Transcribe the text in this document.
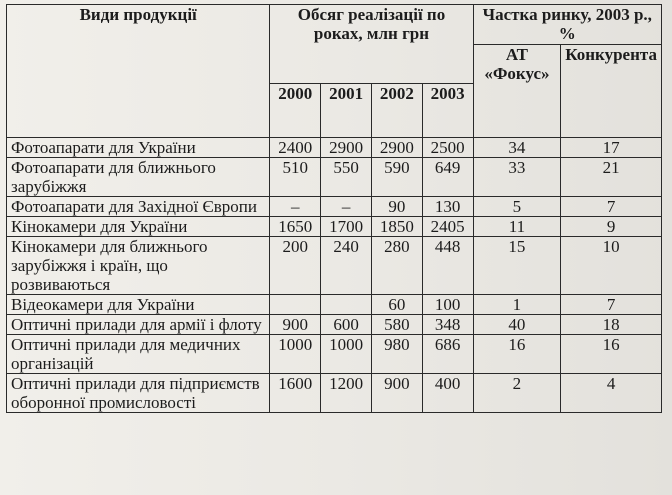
Види продукції	Обсяг реалізації по роках, млн грн				Частка ринку, 2003 р., %	
					АТ «Фокус»	Конкурента
	2000	2001	2002	2003		
Фотоапарати для України	2400	2900	2900	2500	34	17
Фотоапарати для ближнього зарубіжжя	510	550	590	649	33	21
Фотоапарати для Західної Європи	–	–	90	130	5	7
Кінокамери для України	1650	1700	1850	2405	11	9
Кінокамери для ближнього зарубіжжя і країн, що розвиваються	200	240	280	448	15	10
Відеокамери для України			60	100	1	7
Оптичні прилади для армії і флоту	900	600	580	348	40	18
Оптичні прилади для медичних організацій	1000	1000	980	686	16	16
Оптичні прилади для підприємств оборонної промисловості	1600	1200	900	400	2	4
